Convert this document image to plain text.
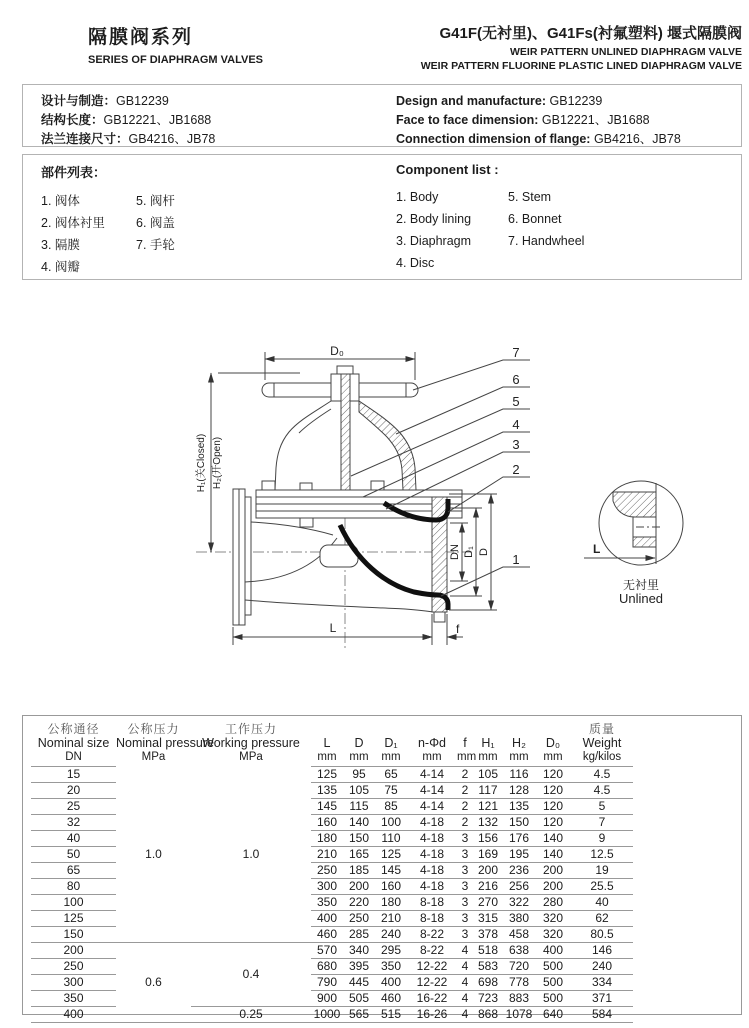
隔膜阀系列
SERIES OF DIAPHRAGM VALVES
G41F(无衬里)、G41Fs(衬氟塑料) 堰式隔膜阀
WEIR PATTERN UNLINED DIAPHRAGM VALVE
WEIR PATTERN FLUORINE PLASTIC LINED DIAPHRAGM VALVE
设计与制造：GB12239
结构长度：GB12221、JB1688
法兰连接尺寸：GB4216、JB78
Design and manufacture: GB12239
Face to face dimension: GB12221、JB1688
Connection dimension of flange: GB4216、JB78
部件列表：
1. 阀体	5. 阀杆
2. 阀体衬里	6. 阀盖
3. 隔膜	7. 手轮
4. 阀瓣
Component list :
1. Body	5. Stem
2. Body lining	6. Bonnet
3. Diaphragm	7. Handwheel
4. Disc
D₀
H₁(关Closed) H₂(开Open)
DN D₁ D
L	f
7
6
5
4
3
2
1
L
无衬里
Unlined
公称通径	公称压力	工作压力									质量
Nominal size	Nominal pressure	Working pressure	L	D	D₁	n-Φd	f	H₁	H₂	D₀	Weight
DN	MPa	MPa	mm	mm	mm	mm	mm	mm	mm	mm	kg/kilos
15	1.0	1.0	125	95	65	4-14	2	105	116	120	4.5
20			135	105	75	4-14	2	117	128	120	4.5
25			145	115	85	4-14	2	121	135	120	5
32			160	140	100	4-18	2	132	150	120	7
40			180	150	110	4-18	3	156	176	140	9
50			210	165	125	4-18	3	169	195	140	12.5
65			250	185	145	4-18	3	200	236	200	19
80			300	200	160	4-18	3	216	256	200	25.5
100			350	220	180	8-18	3	270	322	280	40
125			400	250	210	8-18	3	315	380	320	62
150			460	285	240	8-22	3	378	458	320	80.5
200	0.6	0.4	570	340	295	8-22	4	518	638	400	146
250			680	395	350	12-22	4	583	720	500	240
300			790	445	400	12-22	4	698	778	500	334
350			900	505	460	16-22	4	723	883	500	371
400		0.25	1000	565	515	16-26	4	868	1078	640	584
